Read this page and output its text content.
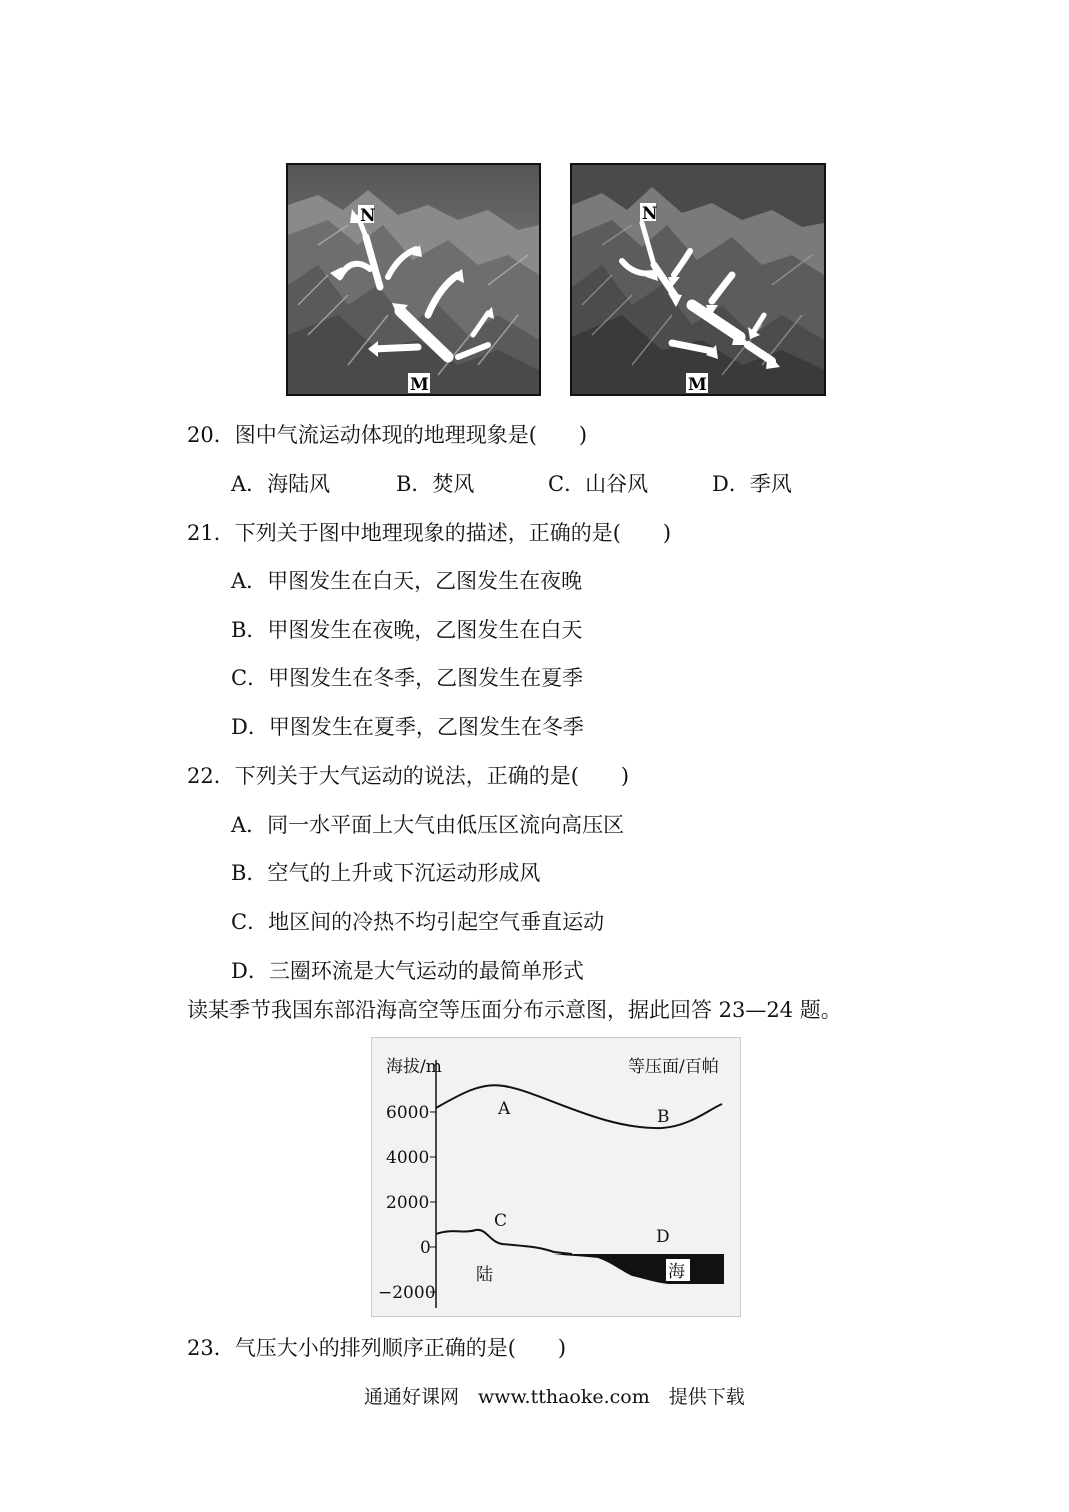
N
M
N
M
20．图中气流运动体现的地理现象是(　　)
A．海陆风	B．焚风	C．山谷风	D．季风
21．下列关于图中地理现象的描述，正确的是(　　)
A．甲图发生在白天，乙图发生在夜晚
B．甲图发生在夜晚，乙图发生在白天
C．甲图发生在冬季，乙图发生在夏季
D．甲图发生在夏季，乙图发生在冬季
22．下列关于大气运动的说法，正确的是(　　)
A．同一水平面上大气由低压区流向高压区
B．空气的上升或下沉运动形成风
C．地区间的冷热不均引起空气垂直运动
D．三圈环流是大气运动的最简单形式
读某季节我国东部沿海高空等压面分布示意图，据此回答 23—24 题。
海拔/m	等压面/百帕
6000
4000
2000
0
−2000
A	B
C
D
陆	海
23．气压大小的排列顺序正确的是(　　)
通通好课网　www.tthaoke.com　提供下载
